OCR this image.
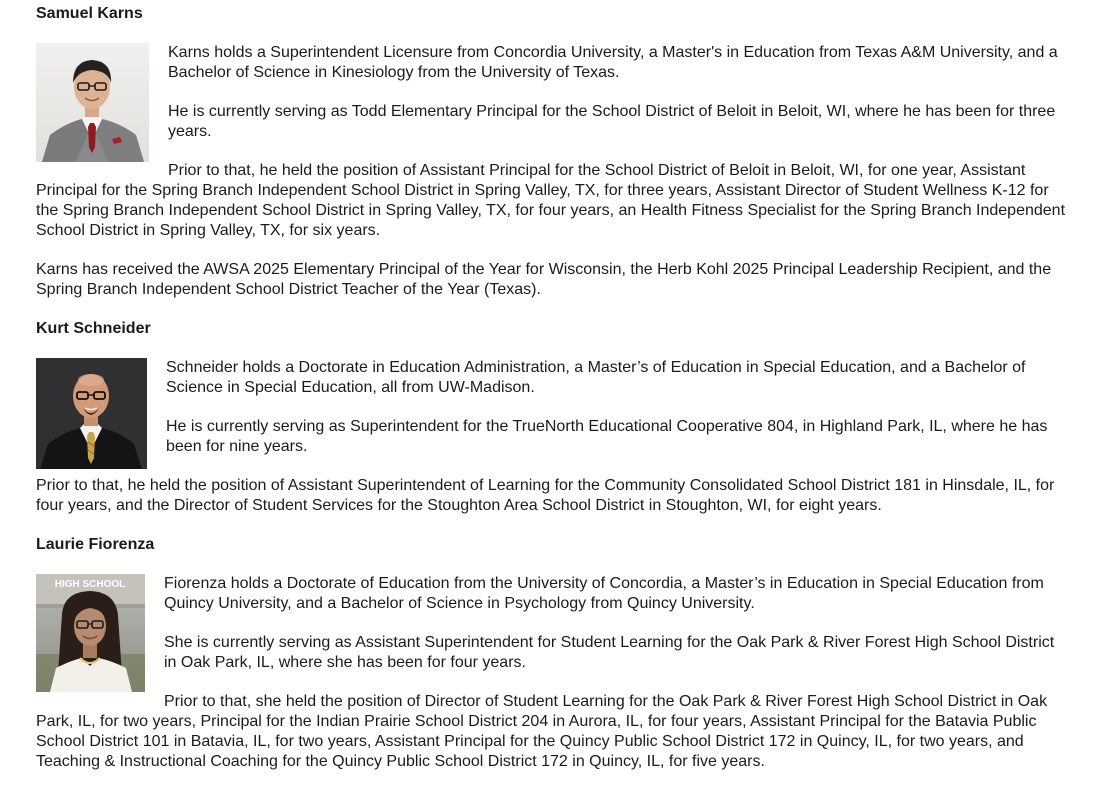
Samuel Karns

Karns holds a Superintendent Licensure from Concordia University, a Master's in Education from Texas A&M University, and a Bachelor of Science in Kinesiology from the University of Texas.

He is currently serving as Todd Elementary Principal for the School District of Beloit in Beloit, WI, where he has been for three years.

Prior to that, he held the position of Assistant Principal for the School District of Beloit in Beloit, WI, for one year, Assistant Principal for the Spring Branch Independent School District in Spring Valley, TX, for three years, Assistant Director of Student Wellness K-12 for the Spring Branch Independent School District in Spring Valley, TX, for four years, an Health Fitness Specialist for the Spring Branch Independent School District in Spring Valley, TX, for six years.

Karns has received the AWSA 2025 Elementary Principal of the Year for Wisconsin, the Herb Kohl 2025 Principal Leadership Recipient, and the Spring Branch Independent School District Teacher of the Year (Texas).

Kurt Schneider

Schneider holds a Doctorate in Education Administration, a Master’s of Education in Special Education, and a Bachelor of Science in Special Education, all from UW-Madison.

He is currently serving as Superintendent for the TrueNorth Educational Cooperative 804, in Highland Park, IL, where he has been for nine years.

Prior to that, he held the position of Assistant Superintendent of Learning for the Community Consolidated School District 181 in Hinsdale, IL, for four years, and the Director of Student Services for the Stoughton Area School District in Stoughton, WI, for eight years.

Laurie Fiorenza
HIGH SCHOOL	Fiorenza holds a Doctorate of Education from the University of Concordia, a Master’s in Education in Special Education from Quincy University, and a Bachelor of Science in Psychology from Quincy University.

She is currently serving as Assistant Superintendent for Student Learning for the Oak Park & River Forest High School District in Oak Park, IL, where she has been for four years.

Prior to that, she held the position of Director of Student Learning for the Oak Park & River Forest High School District in Oak Park, IL, for two years, Principal for the Indian Prairie School District 204 in Aurora, IL, for four years, Assistant Principal for the Batavia Public School District 101 in Batavia, IL, for two years, Assistant Principal for the Quincy Public School District 172 in Quincy, IL, for two years, and Teaching & Instructional Coaching for the Quincy Public School District 172 in Quincy, IL, for five years.
